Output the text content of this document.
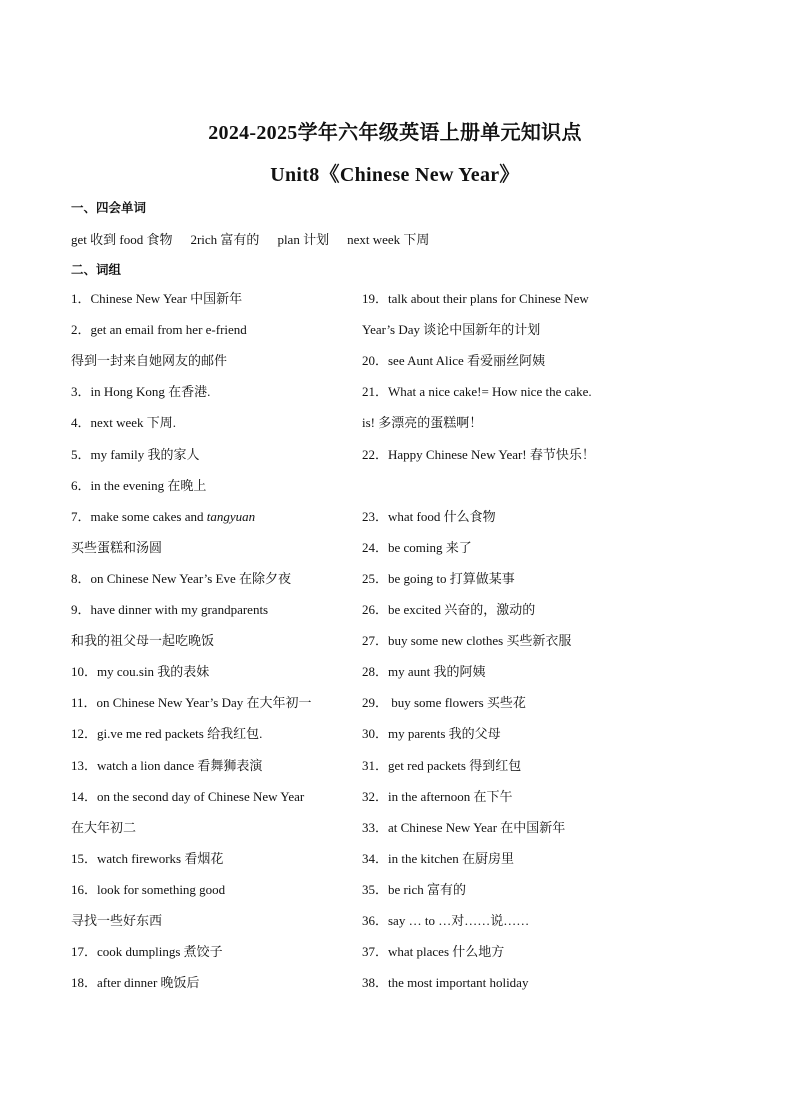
2024-2025学年六年级英语上册单元知识点
Unit8《Chinese New Year》
一、四会单词
get 收到 food 食物 2rich 富有的 plan 计划 next week 下周
二、词组
1．Chinese New Year 中国新年
2．get an email from her e-friend
得到一封来自她网友的邮件
3．in Hong Kong 在香港.
4．next week 下周.
5．my family 我的家人
6．in the evening 在晚上
7．make some cakes and tangyuan
买些蛋糕和汤圆
8．on Chinese New Year’s Eve 在除夕夜
9．have dinner with my grandparents
和我的祖父母一起吃晚饭
10．my cou.sin 我的表妹
11．on Chinese New Year’s Day 在大年初一
12．gi.ve me red packets 给我红包.
13．watch a lion dance 看舞狮表演
14．on the second day of Chinese New Year
在大年初二
15．watch fireworks 看烟花
16．look for something good
寻找一些好东西
17．cook dumplings 煮饺子
18．after dinner 晚饭后
19．talk about their plans for Chinese New
Year’s Day 谈论中国新年的计划
20．see Aunt Alice 看爱丽丝阿姨
21．What a nice cake!= How nice the cake.
is! 多漂亮的蛋糕啊！
22．Happy Chinese New Year! 春节快乐！
23．what food 什么食物
24．be coming 来了
25．be going to 打算做某事
26．be excited 兴奋的，激动的
27．buy some new clothes 买些新衣服
28．my aunt 我的阿姨
29． buy some flowers 买些花
30．my parents 我的父母
31．get red packets 得到红包
32．in the afternoon 在下午
33．at Chinese New Year 在中国新年
34．in the kitchen 在厨房里
35．be rich 富有的
36．say … to …对……说……
37．what places 什么地方
38．the most important holiday
